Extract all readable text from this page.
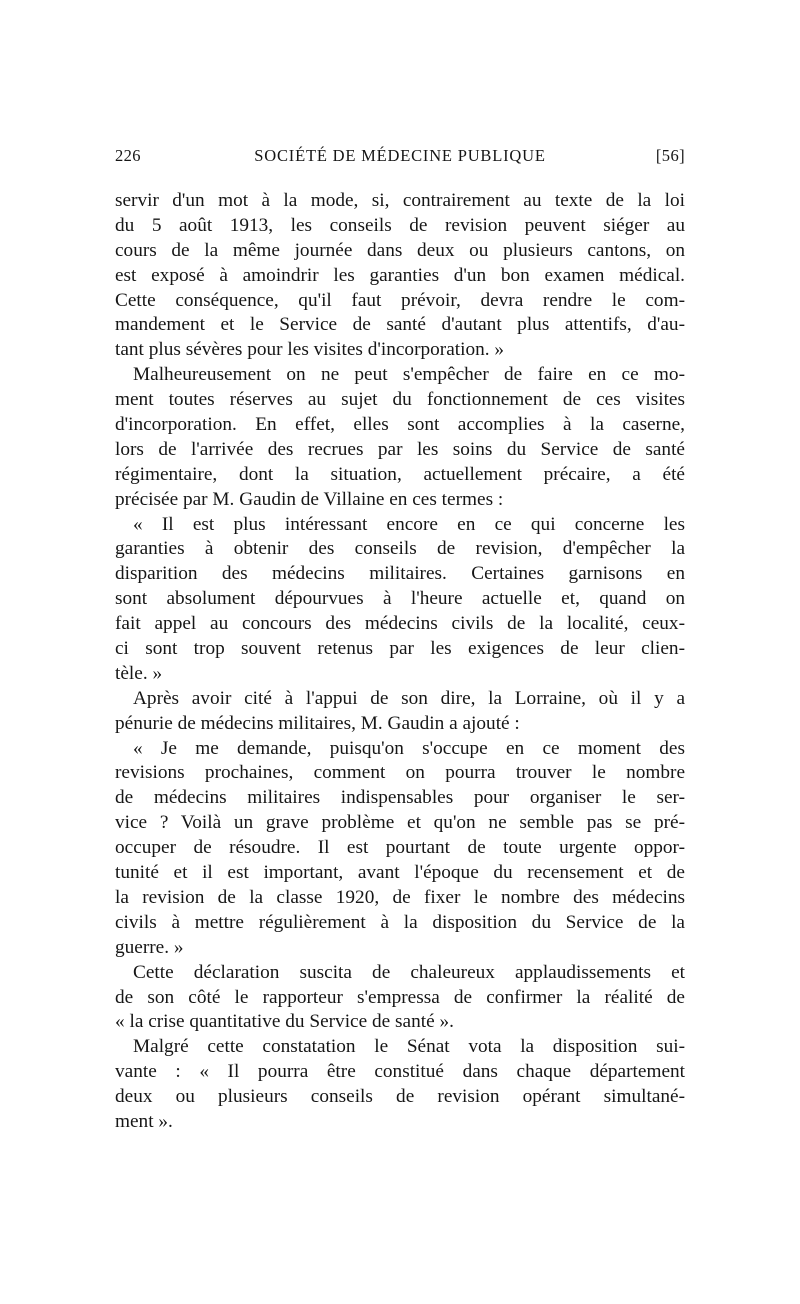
226	SOCIÉTÉ DE MÉDECINE PUBLIQUE	[56]
servir d'un mot à la mode, si, contrairement au texte de la loi
du 5 août 1913, les conseils de revision peuvent siéger au
cours de la même journée dans deux ou plusieurs cantons, on
est exposé à amoindrir les garanties d'un bon examen médical.
Cette conséquence, qu'il faut prévoir, devra rendre le com-
mandement et le Service de santé d'autant plus attentifs, d'au-
tant plus sévères pour les visites d'incorporation. »
Malheureusement on ne peut s'empêcher de faire en ce mo-
ment toutes réserves au sujet du fonctionnement de ces visites
d'incorporation. En effet, elles sont accomplies à la caserne,
lors de l'arrivée des recrues par les soins du Service de santé
régimentaire, dont la situation, actuellement précaire, a été
précisée par M. Gaudin de Villaine en ces termes :
« Il est plus intéressant encore en ce qui concerne les
garanties à obtenir des conseils de revision, d'empêcher la
disparition des médecins militaires. Certaines garnisons en
sont absolument dépourvues à l'heure actuelle et, quand on
fait appel au concours des médecins civils de la localité, ceux-
ci sont trop souvent retenus par les exigences de leur clien-
tèle. »
Après avoir cité à l'appui de son dire, la Lorraine, où il y a
pénurie de médecins militaires, M. Gaudin a ajouté :
« Je me demande, puisqu'on s'occupe en ce moment des
revisions prochaines, comment on pourra trouver le nombre
de médecins militaires indispensables pour organiser le ser-
vice ? Voilà un grave problème et qu'on ne semble pas se pré-
occuper de résoudre. Il est pourtant de toute urgente oppor-
tunité et il est important, avant l'époque du recensement et de
la revision de la classe 1920, de fixer le nombre des médecins
civils à mettre régulièrement à la disposition du Service de la
guerre. »
Cette déclaration suscita de chaleureux applaudissements et
de son côté le rapporteur s'empressa de confirmer la réalité de
« la crise quantitative du Service de santé ».
Malgré cette constatation le Sénat vota la disposition sui-
vante : « Il pourra être constitué dans chaque département
deux ou plusieurs conseils de revision opérant simultané-
ment ».
